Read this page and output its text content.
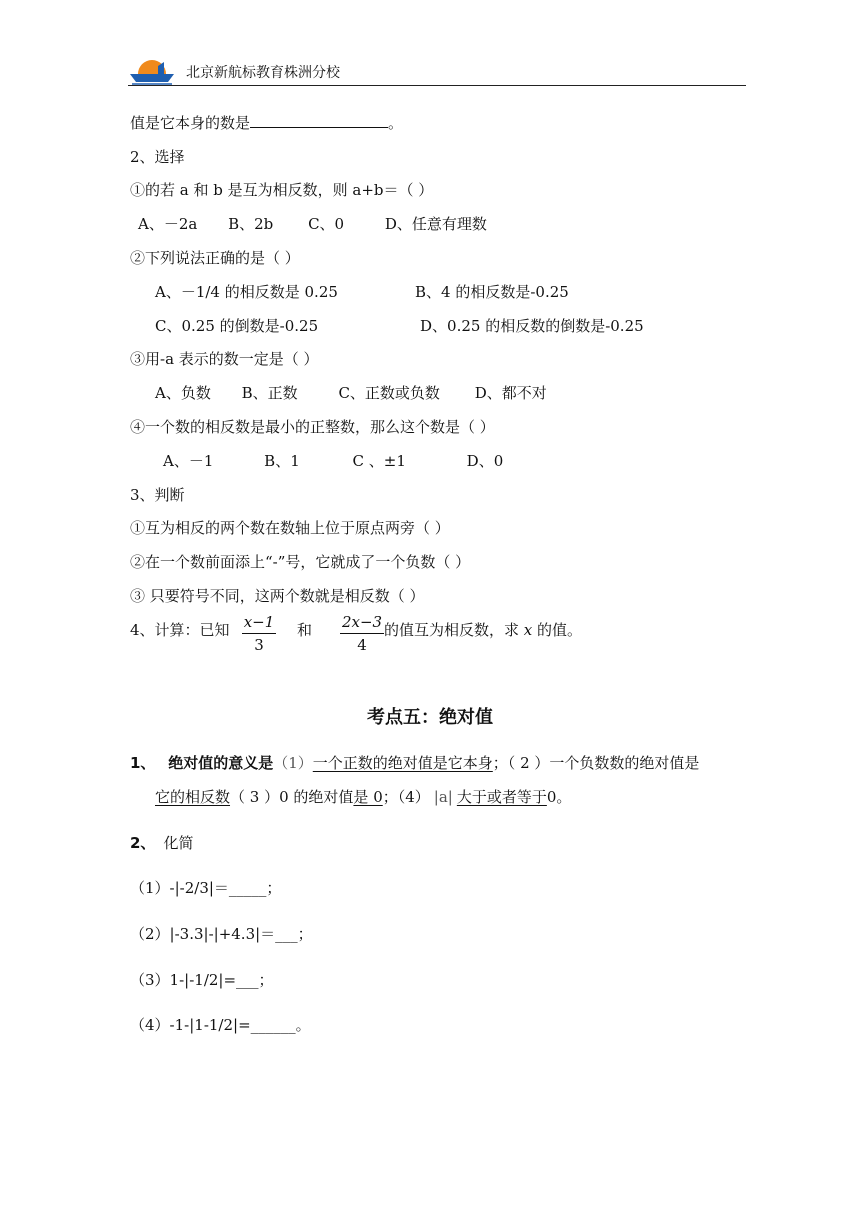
北京新航标教育株洲分校
值是它本身的数是	。
2、选择
①的若 a 和 b 是互为相反数，则 a+b＝（ ）
A、－2a B、2b C、0	D、任意有理数
②下列说法正确的是（ ）
A、－1/4 的相反数是 0.25	B、4 的相反数是-0.25
C、0.25 的倒数是-0.25	D、0.25 的相反数的倒数是-0.25
③用-a 表示的数一定是（ ）
A、负数 B、正数	C、正数或负数 D、都不对
④一个数的相反数是最小的正整数，那么这个数是（ ）
A、－1	B、1	C 、±1	D、0
3、判断
①互为相反的两个数在数轴上位于原点两旁（ ）
②在一个数前面添上“-”号，它就成了一个负数（ ）
③ 只要符号不同，这两个数就是相反数（ ）
4、计算：已知 x−1
3
和 2x−3
4
的值互为相反数，求 x 的值。
考点五：绝对值
1、 绝对值的意义是（1）一个正数的绝对值是它本身；（ 2 ）一个负数数的绝对值是
它的相反数（ 3 ）0 的绝对值是 0；（4） |a| 大于或者等于0。
2、 化简
（1）-|-2/3|＝_____；
（2）|-3.3|-|+4.3|＝___；
（3）1-|-1/2|=___；
（4）-1-|1-1/2|=______。
